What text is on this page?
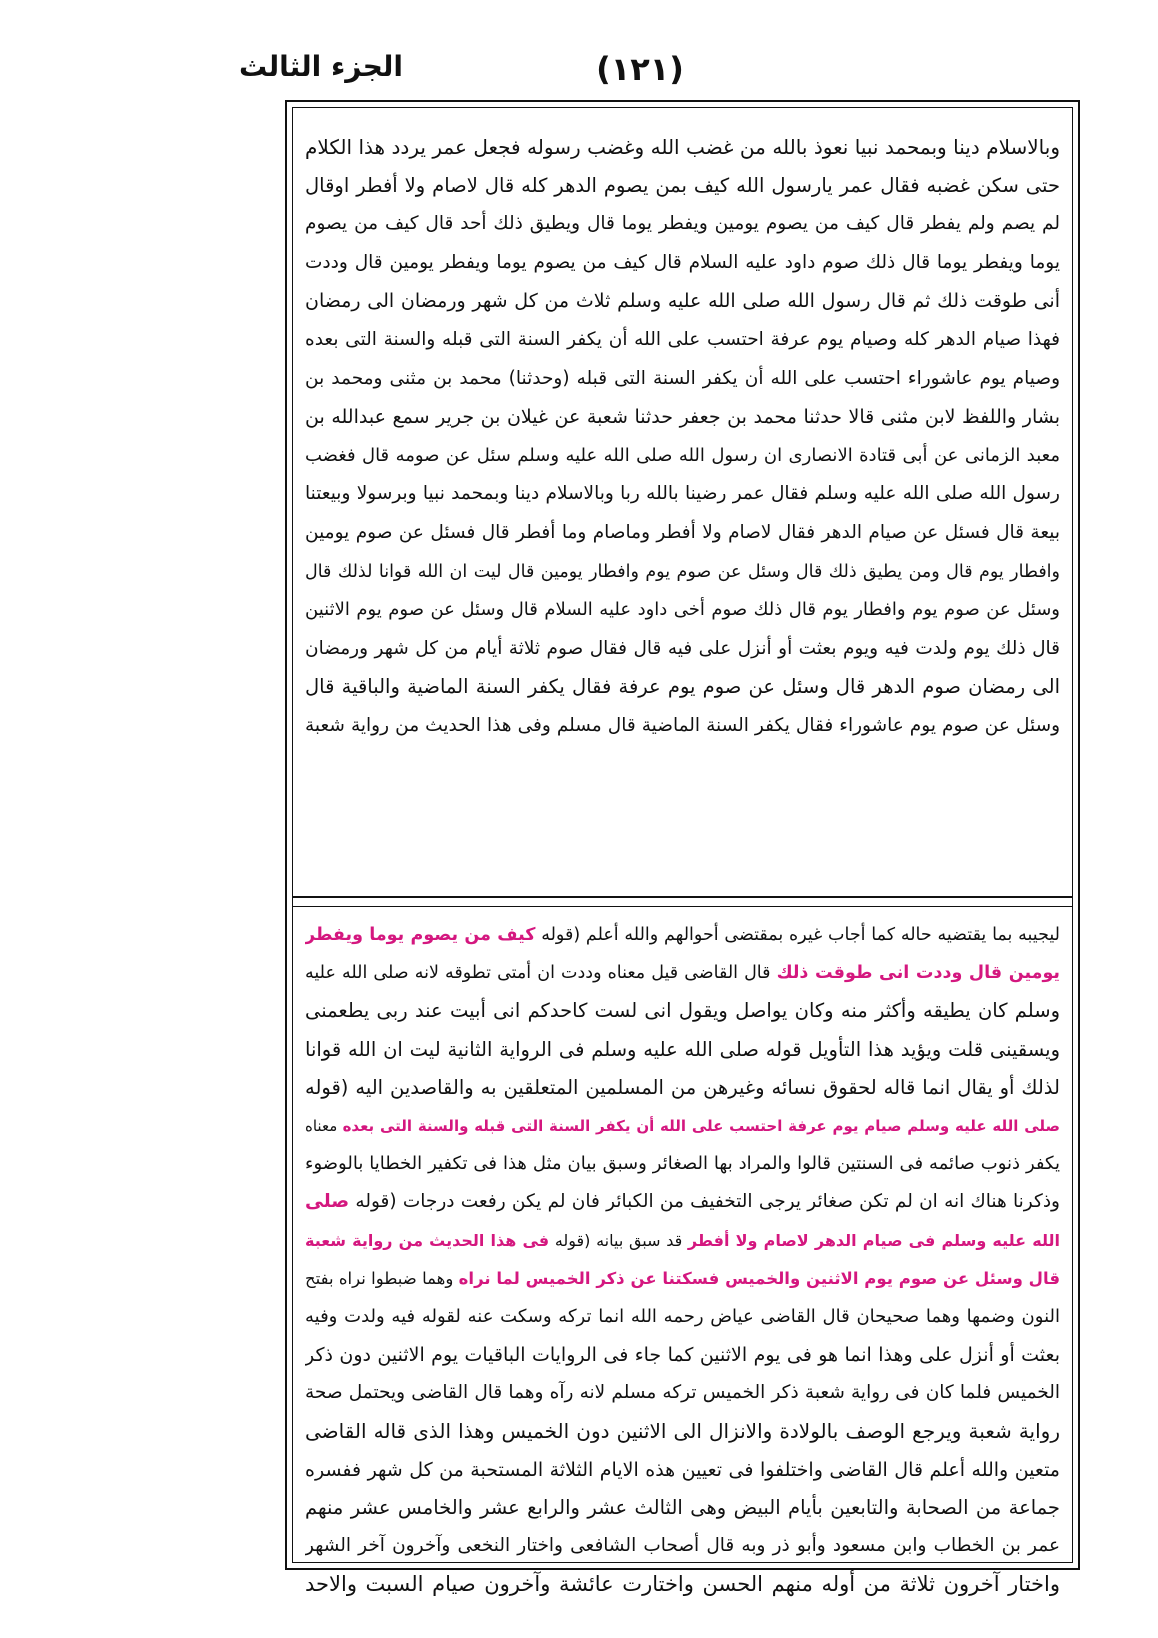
الجزء الثالث	(١٢١)
وبالاسلام دينا وبمحمد نبيا نعوذ بالله من غضب الله وغضب رسوله فجعل عمر يردد هذا الكلام
حتى سكن غضبه فقال عمر يارسول الله كيف بمن يصوم الدهر كله قال لاصام ولا أفطر اوقال
لم يصم ولم يفطر قال كيف من يصوم يومين ويفطر يوما قال ويطيق ذلك أحد قال كيف من يصوم
يوما ويفطر يوما قال ذلك صوم داود عليه السلام قال كيف من يصوم يوما ويفطر يومين قال وددت
أنى طوقت ذلك ثم قال رسول الله صلى الله عليه وسلم ثلاث من كل شهر ورمضان الى رمضان
فهذا صيام الدهر كله وصيام يوم عرفة احتسب على الله أن يكفر السنة التى قبله والسنة التى بعده
وصيام يوم عاشوراء احتسب على الله أن يكفر السنة التى قبله (وحدثنا) محمد بن مثنى ومحمد بن
بشار واللفظ لابن مثنى قالا حدثنا محمد بن جعفر حدثنا شعبة عن غيلان بن جرير سمع عبدالله بن
معبد الزمانى عن أبى قتادة الانصارى ان رسول الله صلى الله عليه وسلم سئل عن صومه قال فغضب
رسول الله صلى الله عليه وسلم فقال عمر رضينا بالله ربا وبالاسلام دينا وبمحمد نبيا وبرسولا وبيعتنا
بيعة قال فسئل عن صيام الدهر فقال لاصام ولا أفطر وماصام وما أفطر قال فسئل عن صوم يومين
وافطار يوم قال ومن يطيق ذلك قال وسئل عن صوم يوم وافطار يومين قال ليت ان الله قوانا لذلك قال
وسئل عن صوم يوم وافطار يوم قال ذلك صوم أخى داود عليه السلام قال وسئل عن صوم يوم الاثنين
قال ذلك يوم ولدت فيه ويوم بعثت أو أنزل على فيه قال فقال صوم ثلاثة أيام من كل شهر ورمضان
الى رمضان صوم الدهر قال وسئل عن صوم يوم عرفة فقال يكفر السنة الماضية والباقية قال
وسئل عن صوم يوم عاشوراء فقال يكفر السنة الماضية قال مسلم وفى هذا الحديث من رواية شعبة
ليجيبه بما يقتضيه حاله كما أجاب غيره بمقتضى أحوالهم والله أعلم (قوله كيف من يصوم يوما ويفطر
يومين قال وددت انى طوقت ذلك قال القاضى قيل معناه وددت ان أمتى تطوقه لانه صلى الله عليه
وسلم كان يطيقه وأكثر منه وكان يواصل ويقول انى لست كاحدكم انى أبيت عند ربى يطعمنى
ويسقينى قلت ويؤيد هذا التأويل قوله صلى الله عليه وسلم فى الرواية الثانية ليت ان الله قوانا
لذلك أو يقال انما قاله لحقوق نسائه وغيرهن من المسلمين المتعلقين به والقاصدين اليه (قوله
صلى الله عليه وسلم صيام يوم عرفة احتسب على الله أن يكفر السنة التى قبله والسنة التى بعده معناه
يكفر ذنوب صائمه فى السنتين قالوا والمراد بها الصغائر وسبق بيان مثل هذا فى تكفير الخطايا بالوضوء
وذكرنا هناك انه ان لم تكن صغائر يرجى التخفيف من الكبائر فان لم يكن رفعت درجات (قوله صلى
الله عليه وسلم فى صيام الدهر لاصام ولا أفطر قد سبق بيانه (قوله فى هذا الحديث من رواية شعبة
قال وسئل عن صوم يوم الاثنين والخميس فسكتنا عن ذكر الخميس لما نراه وهما ضبطوا نراه بفتح
النون وضمها وهما صحيحان قال القاضى عياض رحمه الله انما تركه وسكت عنه لقوله فيه ولدت وفيه
بعثت أو أنزل على وهذا انما هو فى يوم الاثنين كما جاء فى الروايات الباقيات يوم الاثنين دون ذكر
الخميس فلما كان فى رواية شعبة ذكر الخميس تركه مسلم لانه رآه وهما قال القاضى ويحتمل صحة
رواية شعبة ويرجع الوصف بالولادة والانزال الى الاثنين دون الخميس وهذا الذى قاله القاضى
متعين والله أعلم قال القاضى واختلفوا فى تعيين هذه الايام الثلاثة المستحبة من كل شهر ففسره
جماعة من الصحابة والتابعين بأيام البيض وهى الثالث عشر والرابع عشر والخامس عشر منهم
عمر بن الخطاب وابن مسعود وأبو ذر وبه قال أصحاب الشافعى واختار النخعى وآخرون آخر الشهر
واختار آخرون ثلاثة من أوله منهم الحسن واختارت عائشة وآخرون صيام السبت والاحد
